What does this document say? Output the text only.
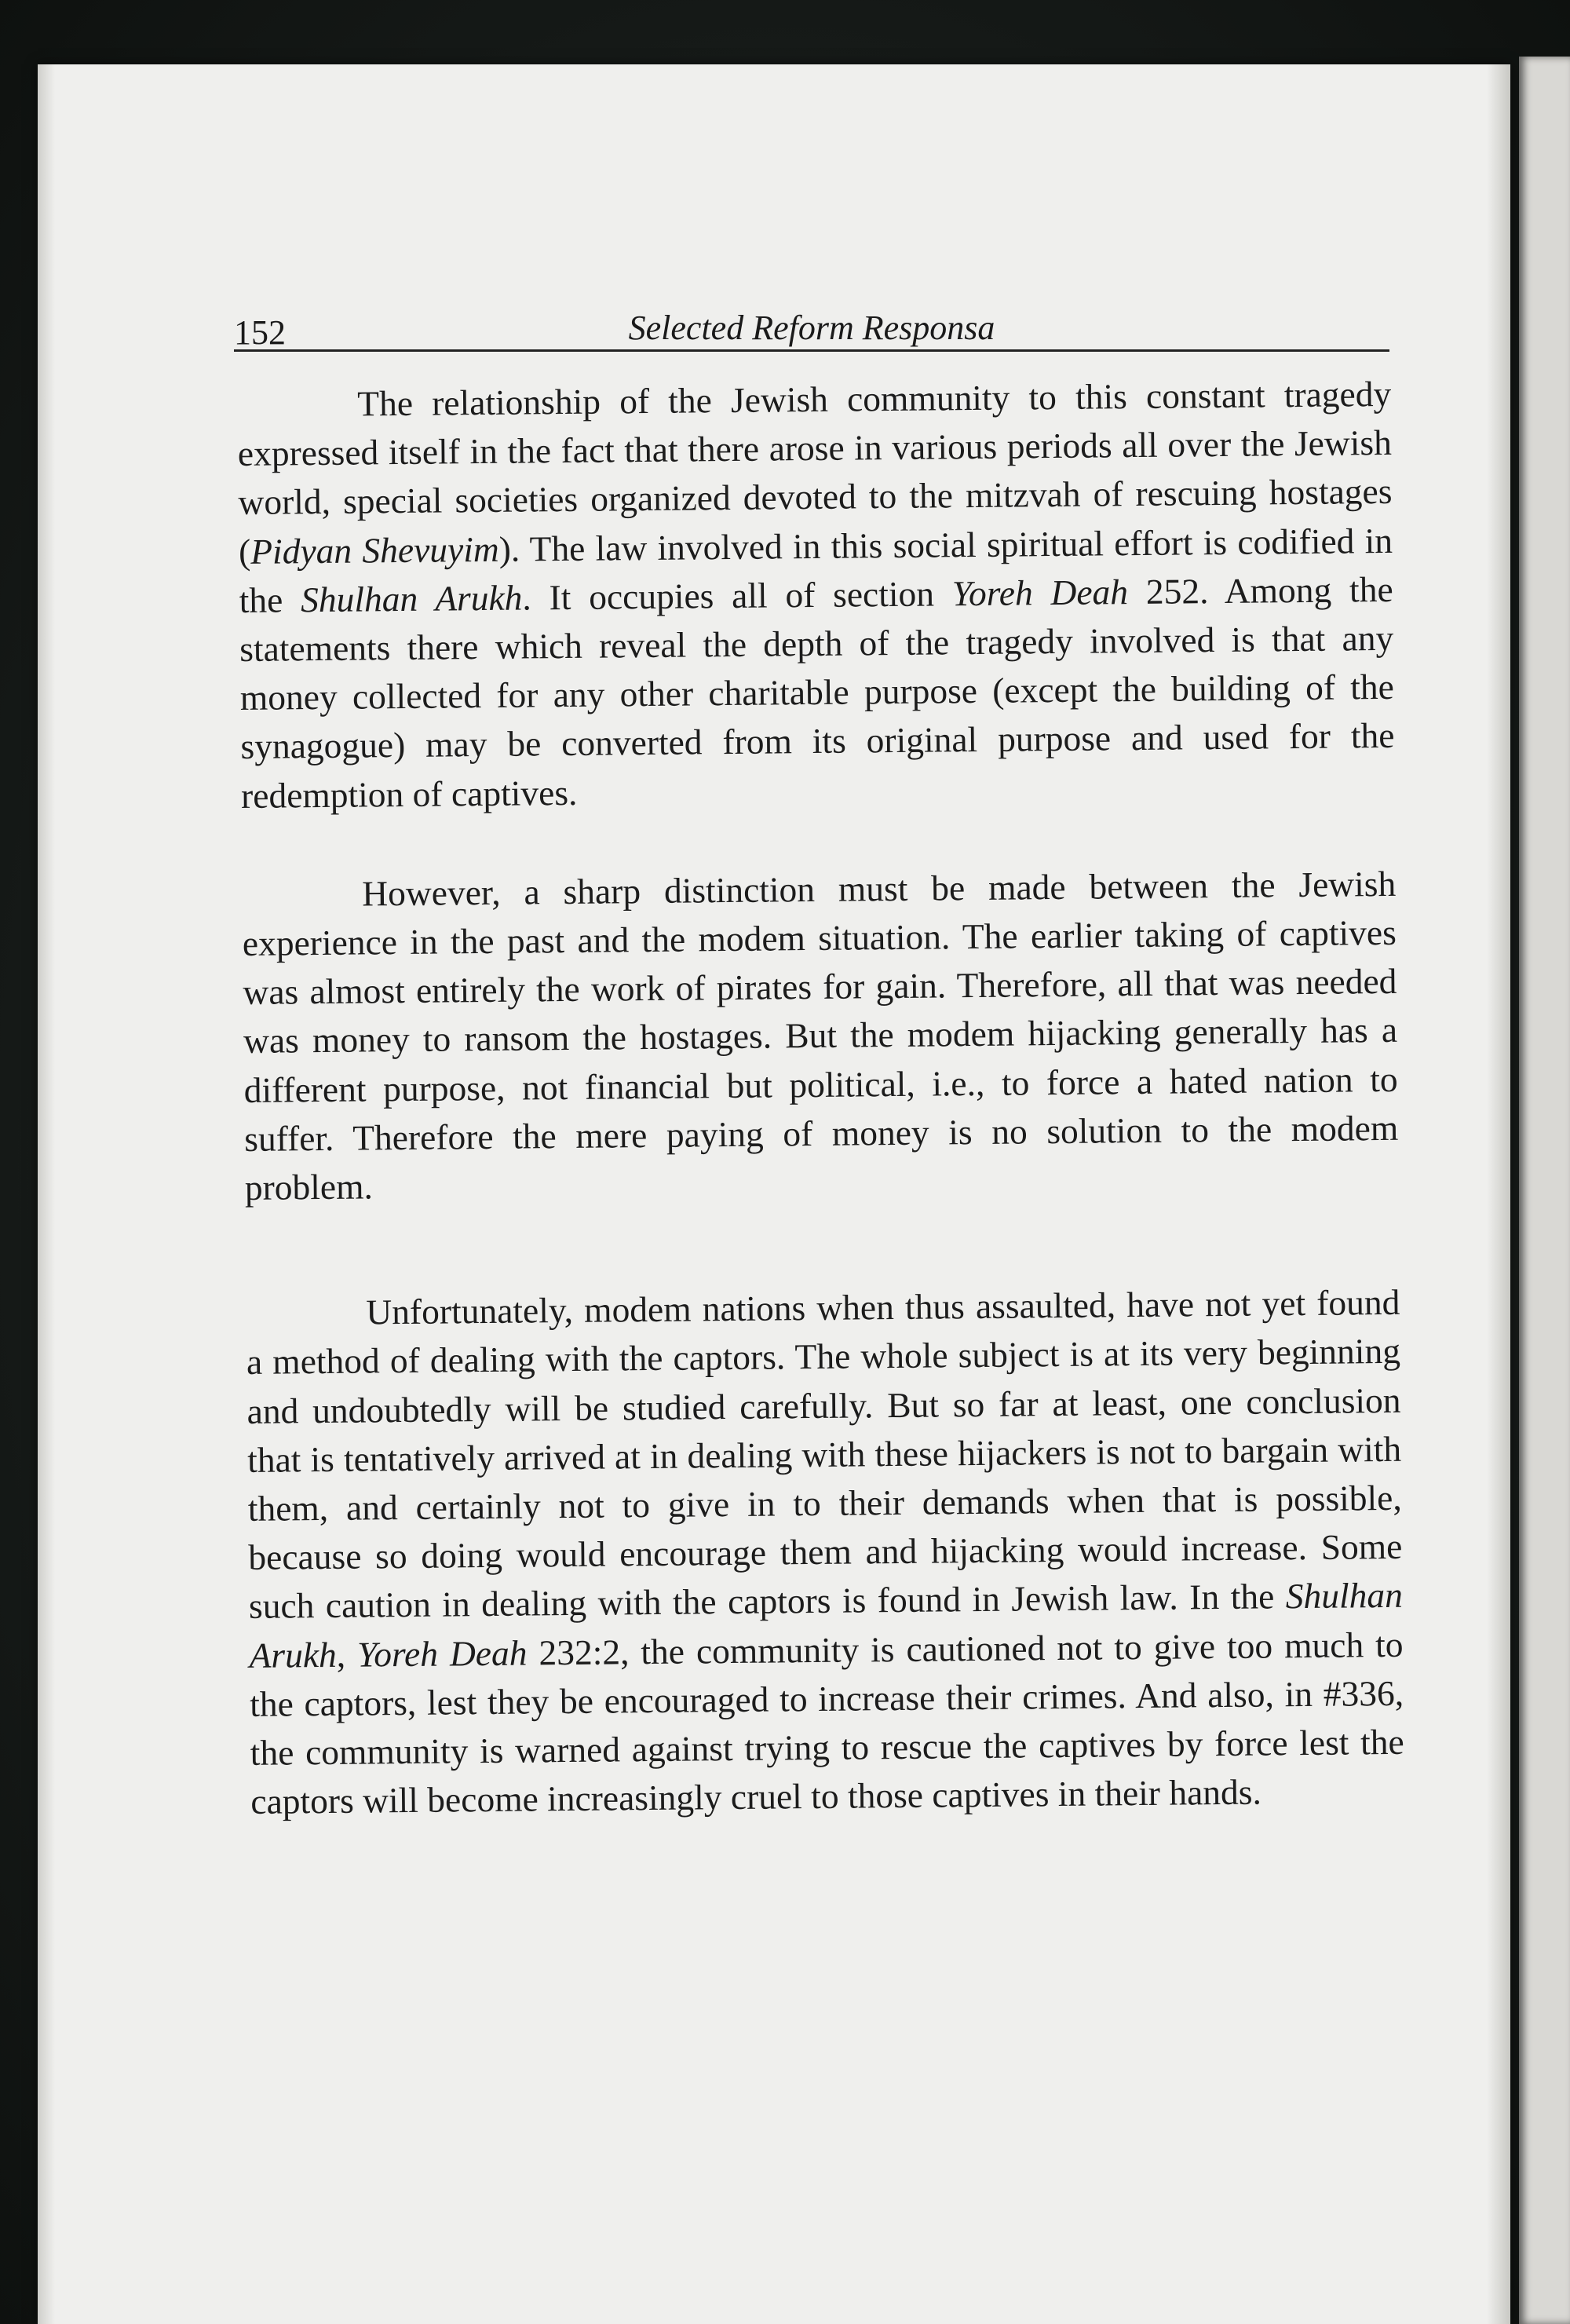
152	Selected Reform Responsa

The relationship of the Jewish community to this constant tragedy expressed itself in the fact that there arose in various periods all over the Jewish world, special societies organized devoted to the mitzvah of rescuing hostages (Pidyan Shevuyim). The law involved in this social spiritual effort is codified in the Shulhan Arukh. It occupies all of section Yoreh Deah 252. Among the statements there which reveal the depth of the tragedy involved is that any money collected for any other charitable purpose (except the building of the synagogue) may be converted from its original purpose and used for the redemption of captives.

However, a sharp distinction must be made between the Jewish experience in the past and the modem situation. The earlier taking of captives was almost entirely the work of pirates for gain. Therefore, all that was needed was money to ransom the hostages. But the modem hijacking generally has a different purpose, not financial but political, i.e., to force a hated nation to suffer. Therefore the mere paying of money is no solution to the modem problem.

Unfortunately, modem nations when thus assaulted, have not yet found a method of dealing with the captors. The whole subject is at its very beginning and undoubtedly will be studied carefully. But so far at least, one conclusion that is tentatively arrived at in dealing with these hijackers is not to bargain with them, and certainly not to give in to their demands when that is possible, because so doing would encourage them and hijacking would increase. Some such caution in dealing with the captors is found in Jewish law. In the Shulhan Arukh, Yoreh Deah 232:2, the community is cautioned not to give too much to the captors, lest they be encouraged to increase their crimes. And also, in #336, the community is warned against trying to rescue the captives by force lest the captors will become increasingly cruel to those captives in their hands.
